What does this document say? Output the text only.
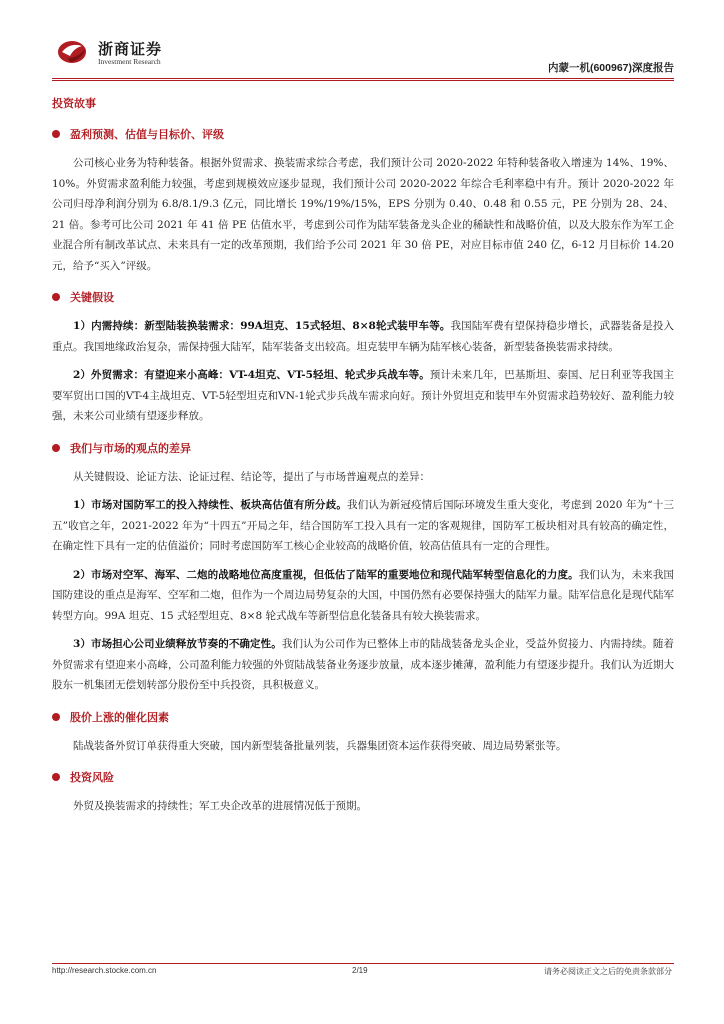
浙商证券
Investment Research
内蒙一机(600967)深度报告
投资故事
盈利预测、估值与目标价、评级

公司核心业务为特种装备。根据外贸需求、换装需求综合考虑，我们预计公司 2020-2022 年特种装备收入增速为 14%、19%、10%。外贸需求盈利能力较强，考虑到规模效应逐步显现，我们预计公司 2020-2022 年综合毛利率稳中有升。预计 2020-2022 年公司归母净利润分别为 6.8/8.1/9.3 亿元，同比增长 19%/19%/15%，EPS 分别为 0.40、0.48 和 0.55 元，PE 分别为 28、24、21 倍。参考可比公司 2021 年 41 倍 PE 估值水平，考虑到公司作为陆军装备龙头企业的稀缺性和战略价值，以及大股东作为军工企业混合所有制改革试点、未来具有一定的改革预期，我们给予公司 2021 年 30 倍 PE，对应目标市值 240 亿，6-12 月目标价 14.20 元，给予“买入”评级。

关键假设

1）内需持续：新型陆装换装需求：99A坦克、15式轻坦、8×8轮式装甲车等。我国陆军费有望保持稳步增长，武器装备是投入重点。我国地缘政治复杂，需保持强大陆军，陆军装备支出较高。坦克装甲车辆为陆军核心装备，新型装备换装需求持续。

2）外贸需求：有望迎来小高峰：VT-4坦克、VT-5轻坦、轮式步兵战车等。预计未来几年，巴基斯坦、泰国、尼日利亚等我国主要军贸出口国的VT-4主战坦克、VT-5轻型坦克和VN-1轮式步兵战车需求向好。预计外贸坦克和装甲车外贸需求趋势较好、盈利能力较强，未来公司业绩有望逐步释放。

我们与市场的观点的差异

从关键假设、论证方法、论证过程、结论等，提出了与市场普遍观点的差异：

1）市场对国防军工的投入持续性、板块高估值有所分歧。我们认为新冠疫情后国际环境发生重大变化，考虑到 2020 年为“十三五”收官之年，2021-2022 年为“十四五”开局之年，结合国防军工投入具有一定的客观规律，国防军工板块相对具有较高的确定性，在确定性下具有一定的估值溢价；同时考虑国防军工核心企业较高的战略价值，较高估值具有一定的合理性。

2）市场对空军、海军、二炮的战略地位高度重视，但低估了陆军的重要地位和现代陆军转型信息化的力度。我们认为，未来我国国防建设的重点是海军、空军和二炮，但作为一个周边局势复杂的大国，中国仍然有必要保持强大的陆军力量。陆军信息化是现代陆军转型方向。99A 坦克、15 式轻型坦克、8×8 轮式战车等新型信息化装备具有较大换装需求。

3）市场担心公司业绩释放节奏的不确定性。我们认为公司作为已整体上市的陆战装备龙头企业，受益外贸接力、内需持续。随着外贸需求有望迎来小高峰，公司盈利能力较强的外贸陆战装备业务逐步放量，成本逐步摊薄，盈利能力有望逐步提升。我们认为近期大股东一机集团无偿划转部分股份至中兵投资，具积极意义。

股价上涨的催化因素

陆战装备外贸订单获得重大突破，国内新型装备批量列装，兵器集团资本运作获得突破、周边局势紧张等。

投资风险

外贸及换装需求的持续性；军工央企改革的进展情况低于预期。

http://research.stocke.com.cn	2/19	请务必阅读正文之后的免责条款部分
